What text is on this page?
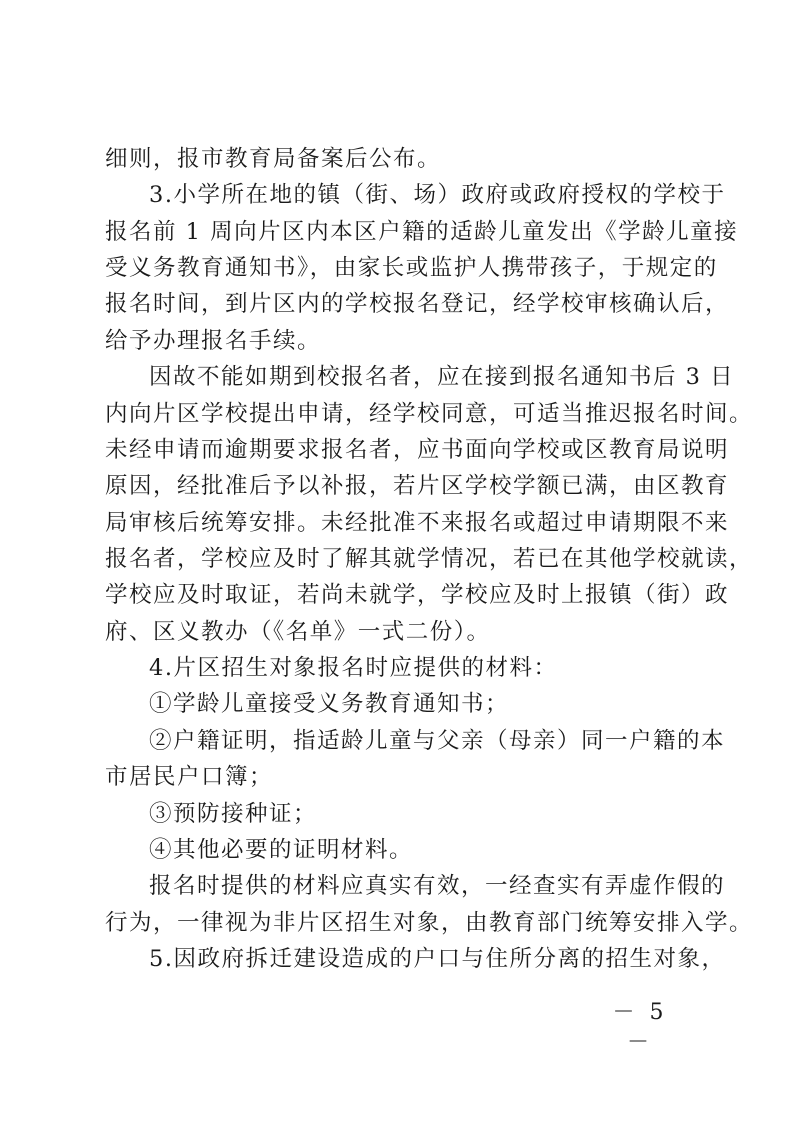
细则，报市教育局备案后公布。
3.小学所在地的镇（街、场）政府或政府授权的学校于
报名前 1 周向片区内本区户籍的适龄儿童发出《学龄儿童接
受义务教育通知书》，由家长或监护人携带孩子，于规定的
报名时间，到片区内的学校报名登记，经学校审核确认后，
给予办理报名手续。
因故不能如期到校报名者，应在接到报名通知书后 3 日
内向片区学校提出申请，经学校同意，可适当推迟报名时间。
未经申请而逾期要求报名者，应书面向学校或区教育局说明
原因，经批准后予以补报，若片区学校学额已满，由区教育
局审核后统筹安排。未经批准不来报名或超过申请期限不来
报名者，学校应及时了解其就学情况，若已在其他学校就读，
学校应及时取证，若尚未就学，学校应及时上报镇（街）政
府、区义教办（《名单》一式二份）。
4.片区招生对象报名时应提供的材料：
①学龄儿童接受义务教育通知书；
②户籍证明，指适龄儿童与父亲（母亲）同一户籍的本
市居民户口簿；
③预防接种证；
④其他必要的证明材料。
报名时提供的材料应真实有效，一经查实有弄虚作假的
行为，一律视为非片区招生对象，由教育部门统筹安排入学。
5.因政府拆迁建设造成的户口与住所分离的招生对象，
－ 5 －
